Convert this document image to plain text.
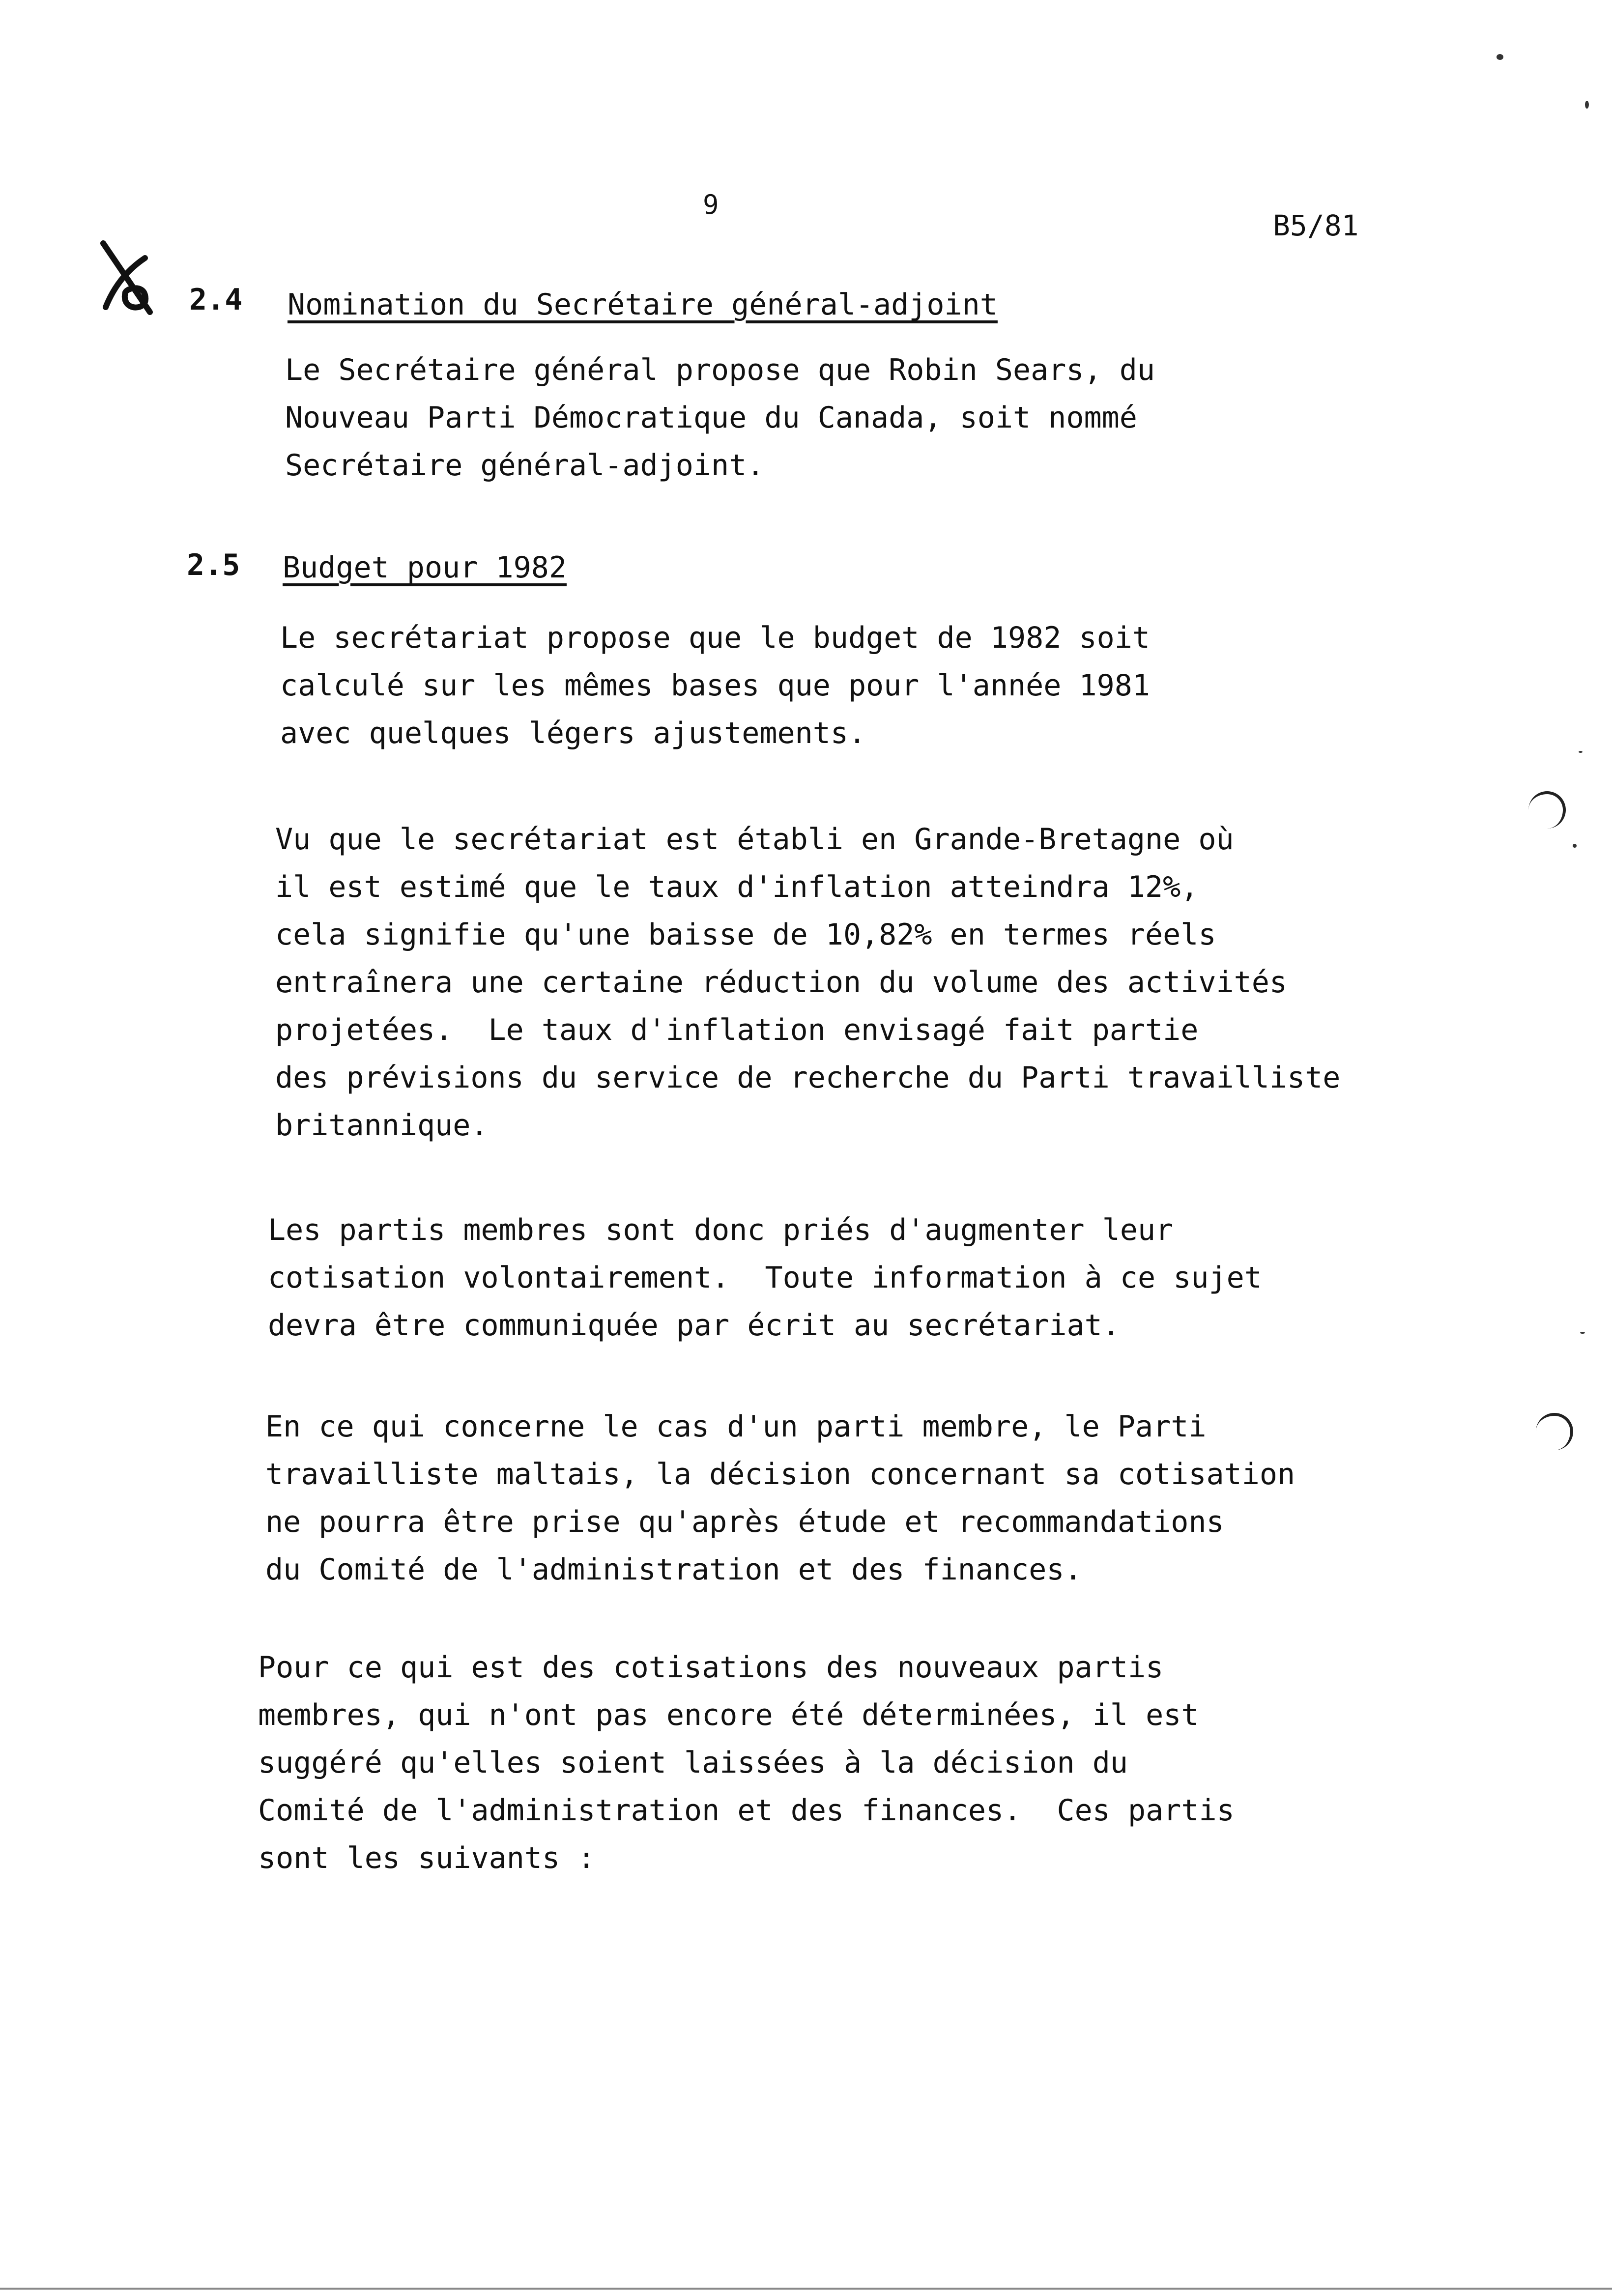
9
B5/81
2.4 Nomination du Secrétaire général-adjoint
Le Secrétaire général propose que Robin Sears, du
Nouveau Parti Démocratique du Canada, soit nommé
Secrétaire général-adjoint.
2.5 Budget pour 1982
Le secrétariat propose que le budget de 1982 soit
calculé sur les mêmes bases que pour l'année 1981
avec quelques légers ajustements.
Vu que le secrétariat est établi en Grande-Bretagne où
il est estimé que le taux d'inflation atteindra 12%,
cela signifie qu'une baisse de 10,82% en termes réels
entraînera une certaine réduction du volume des activités
projetées.  Le taux d'inflation envisagé fait partie
des prévisions du service de recherche du Parti travailliste
britannique.
Les partis membres sont donc priés d'augmenter leur
cotisation volontairement.  Toute information à ce sujet
devra être communiquée par écrit au secrétariat.
En ce qui concerne le cas d'un parti membre, le Parti
travailliste maltais, la décision concernant sa cotisation
ne pourra être prise qu'après étude et recommandations
du Comité de l'administration et des finances.
Pour ce qui est des cotisations des nouveaux partis
membres, qui n'ont pas encore été déterminées, il est
suggéré qu'elles soient laissées à la décision du
Comité de l'administration et des finances.  Ces partis
sont les suivants :
